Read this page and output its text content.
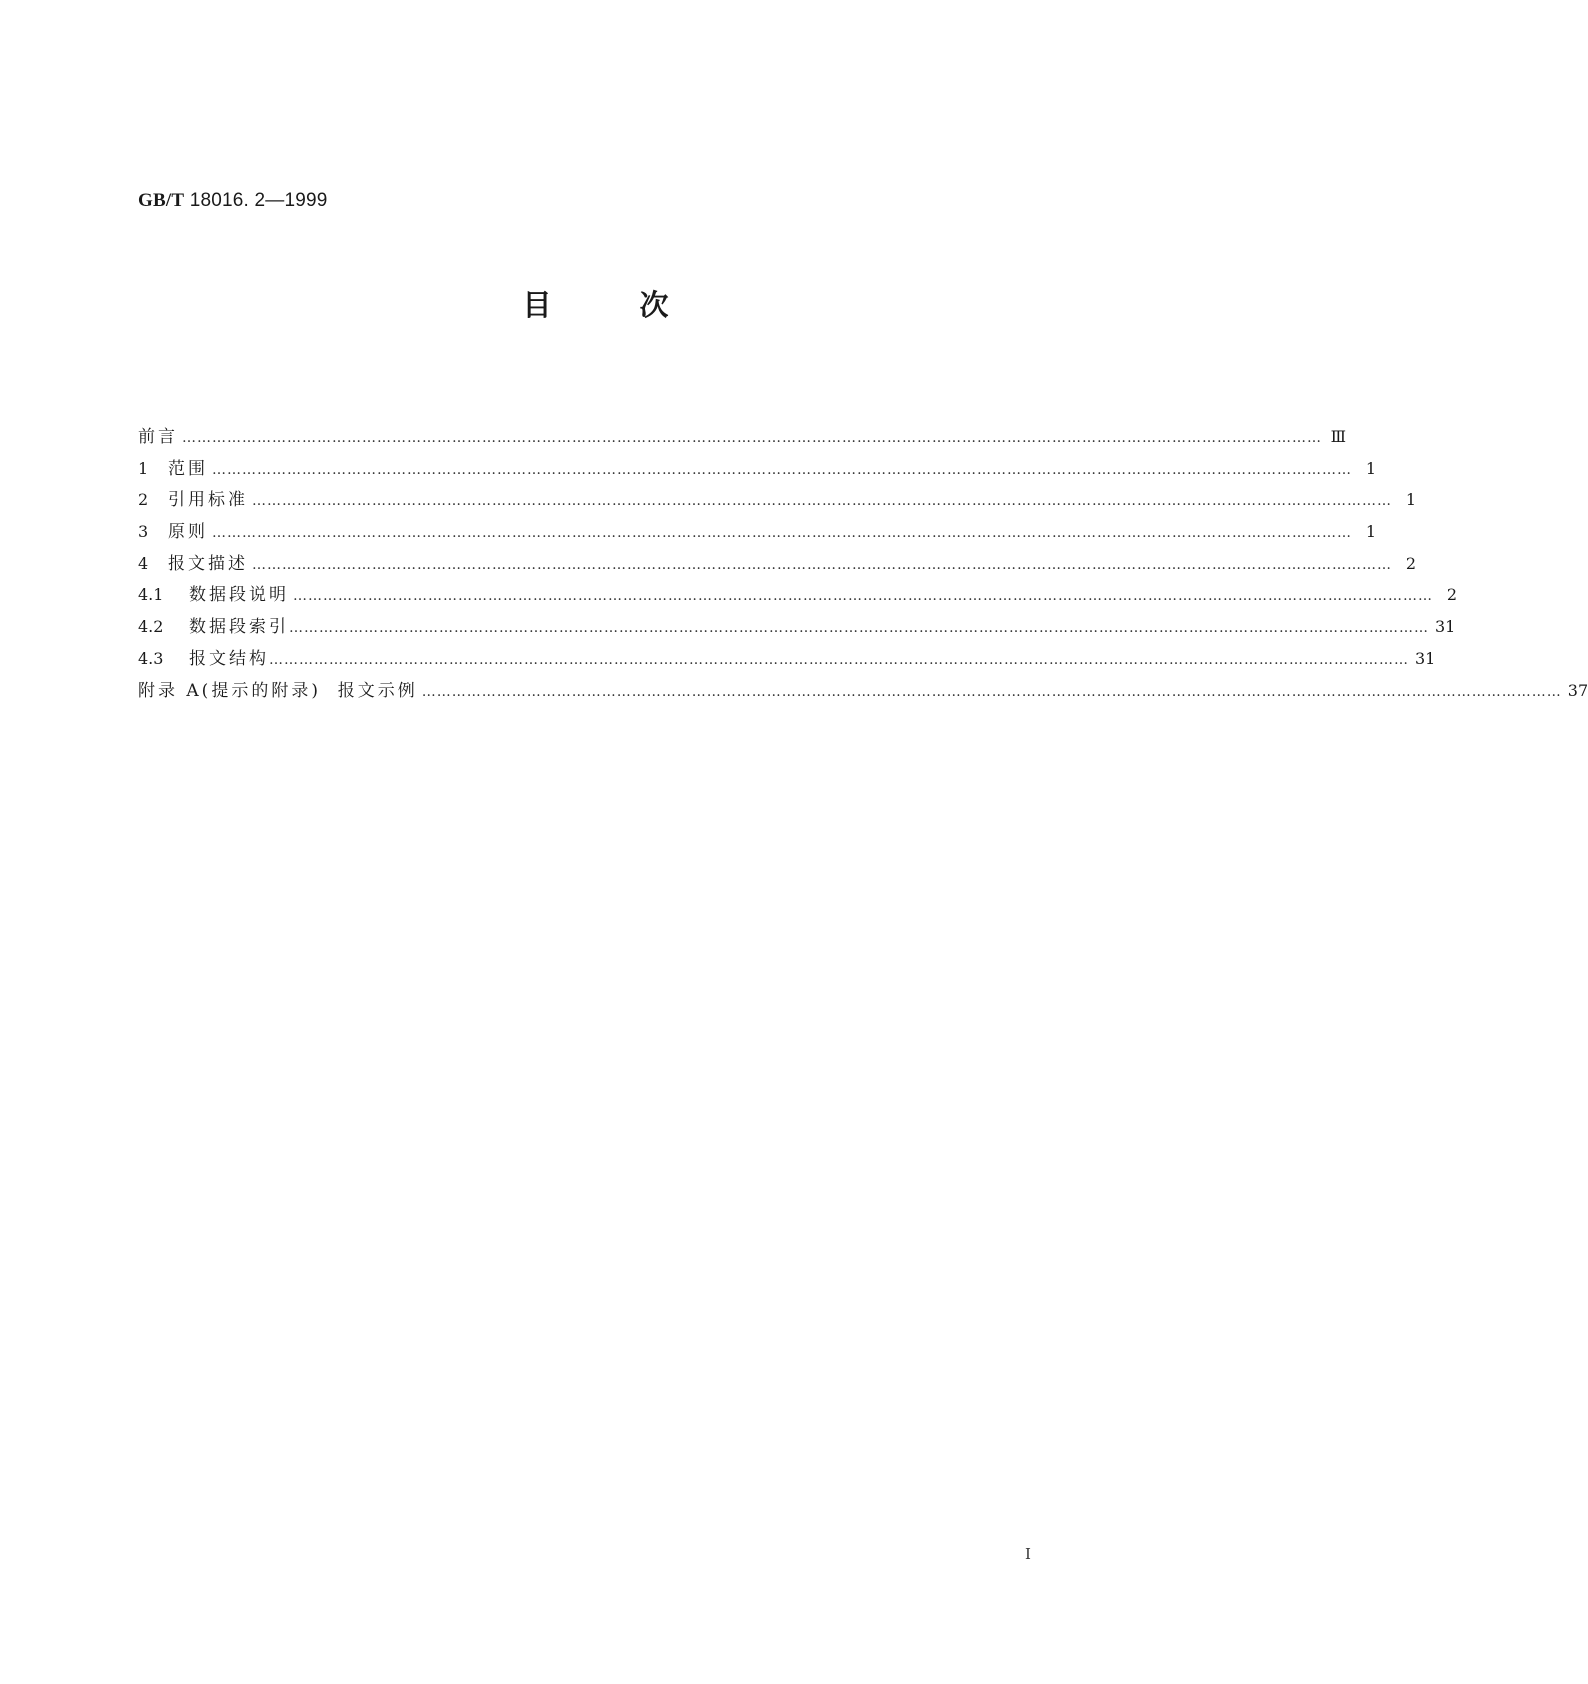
GB/T 18016. 2—1999
目次
前言 ………………………………………………………………………………………………………………………………………………………………………………………………………… Ⅲ
1	范围 ………………………………………………………………………………………………………………………………………………………………………………………………………… 1
2	引用标准 ………………………………………………………………………………………………………………………………………………………………………………………………………… 1
3	原则 ………………………………………………………………………………………………………………………………………………………………………………………………………… 1
4	报文描述 ………………………………………………………………………………………………………………………………………………………………………………………………………… 2
4.1	数据段说明 ………………………………………………………………………………………………………………………………………………………………………………………………………… 2
4.2	数据段索引 ………………………………………………………………………………………………………………………………………………………………………………………………………… 31
4.3	报文结构 ………………………………………………………………………………………………………………………………………………………………………………………………………… 31
附录 A(提示的附录)  报文示例 ………………………………………………………………………………………………………………………………………………………………………………………………………… 37
I
